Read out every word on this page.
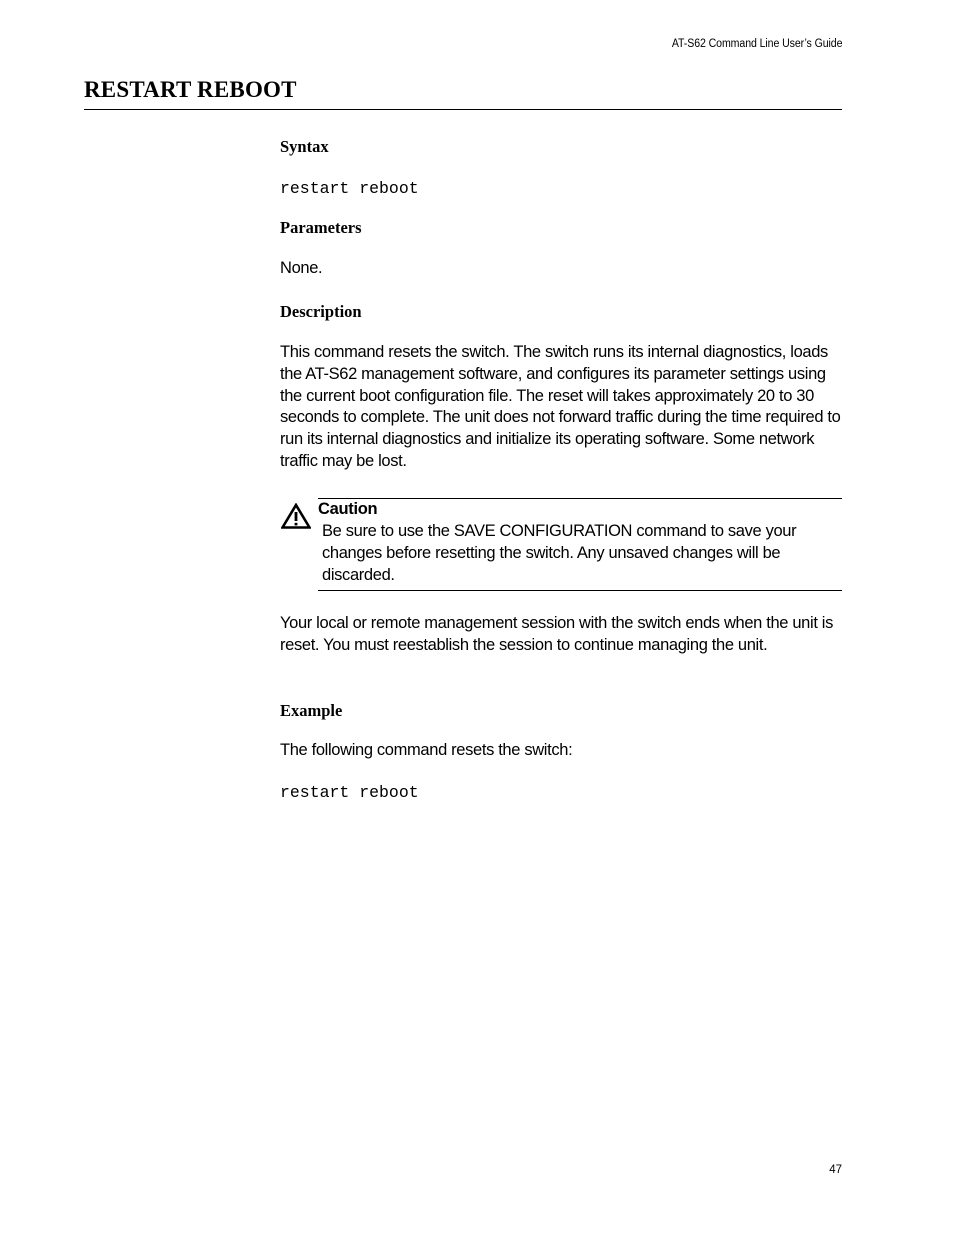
AT-S62 Command Line User’s Guide
RESTART REBOOT
Syntax
restart reboot
Parameters

None.

Description

This command resets the switch. The switch runs its internal diagnostics, loads the AT-S62 management software, and configures its parameter settings using the current boot configuration file. The reset will takes approximately 20 to 30 seconds to complete. The unit does not forward traffic during the time required to run its internal diagnostics and initialize its operating software. Some network traffic may be lost.

Caution

Be sure to use the SAVE CONFIGURATION command to save your changes before resetting the switch. Any unsaved changes will be discarded.

Your local or remote management session with the switch ends when the unit is reset. You must reestablish the session to continue managing the unit.

Example

The following command resets the switch:

restart reboot
47
